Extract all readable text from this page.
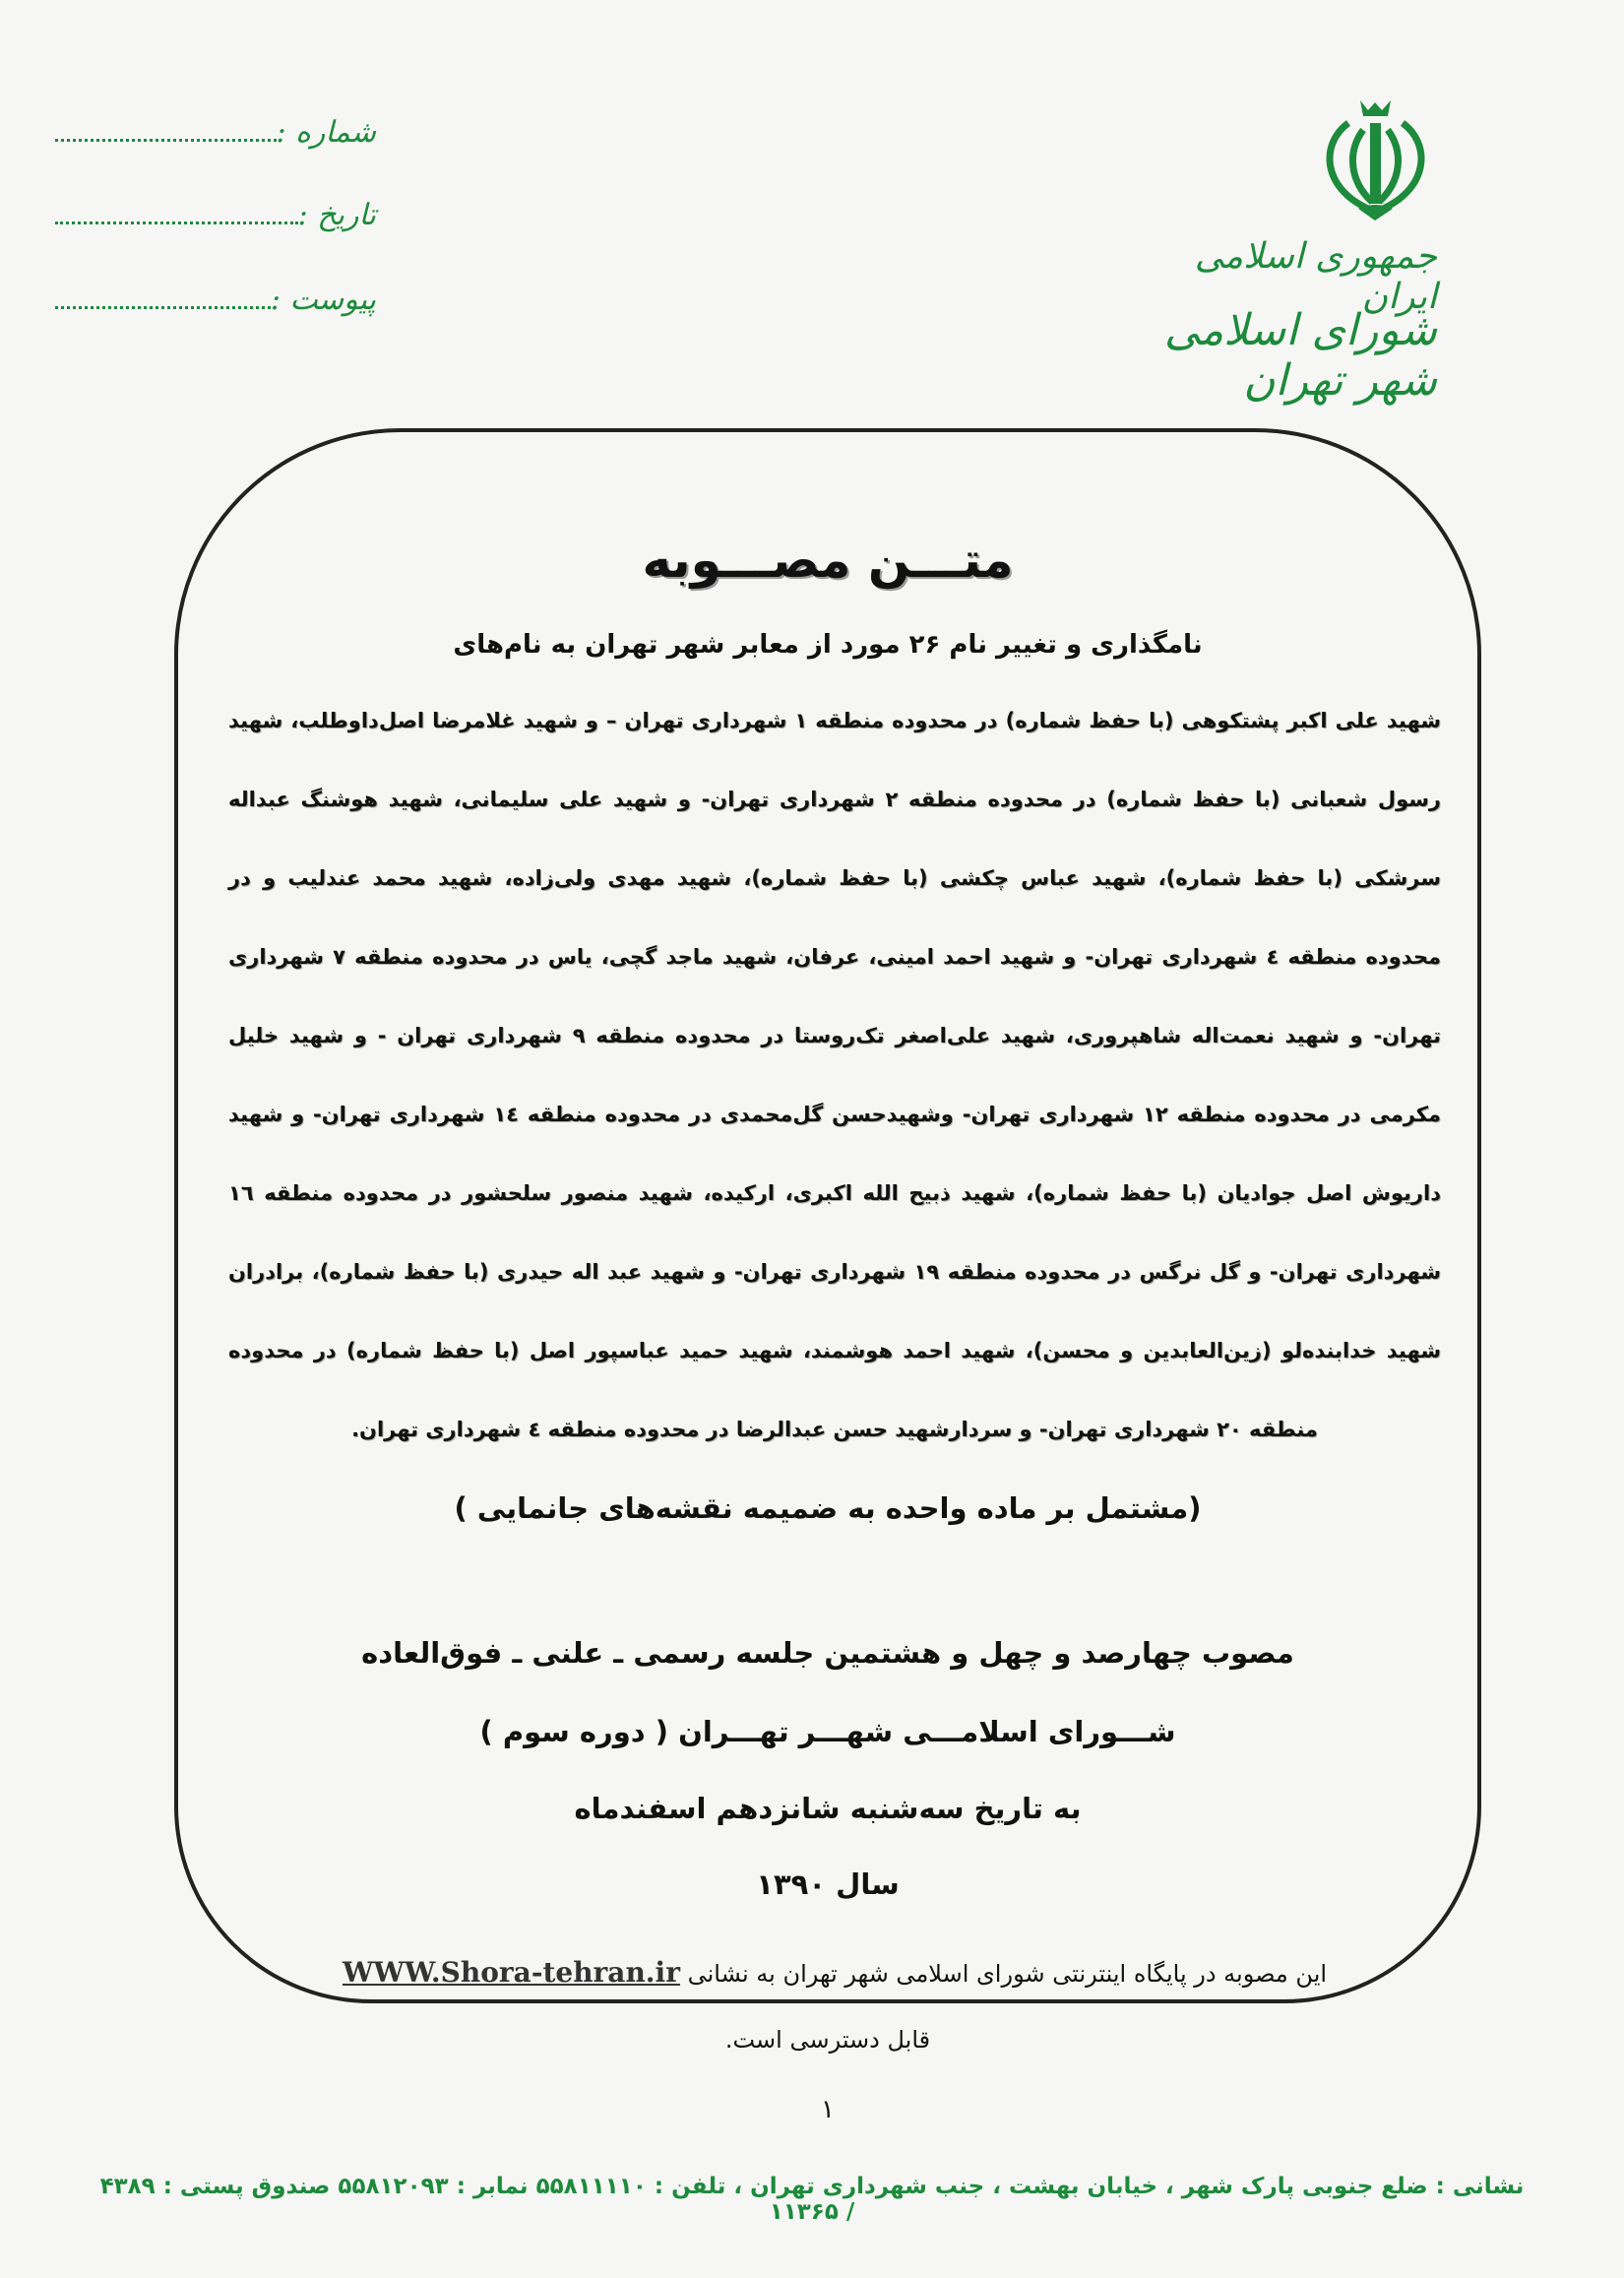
شماره :
تاریخ :
پیوست :
جمهوری اسلامی ایران
شورای اسلامی شهر تهران
متـــن مصـــوبه
نامگذاری و تغییر نام ۲۶ مورد از معابر شهر تهران به نام‌های
شهید علی اکبر پشتکوهی (با حفظ شماره) در محدوده منطقه ۱ شهرداری تهران – و شهید غلامرضا اصل‌داوطلب، شهید
رسول شعبانی (با حفظ شماره) در محدوده منطقه ۲ شهرداری تهران- و شهید علی سلیمانی، شهید هوشنگ عبداله
سرشکی (با حفظ شماره)، شهید عباس چکشی (با حفظ شماره)، شهید مهدی ولی‌زاده، شهید محمد عندلیب و در
محدوده منطقه ٤ شهرداری تهران- و شهید احمد امینی، عرفان، شهید ماجد گچی، یاس در محدوده منطقه ۷ شهرداری
تهران- و شهید نعمت‌اله شاهپروری، شهید علی‌اصغر تک‌روستا در محدوده منطقه ۹ شهرداری تهران - و شهید خلیل
مکرمی در محدوده منطقه ۱۲ شهرداری تهران- وشهیدحسن گل‌محمدی در محدوده منطقه ١٤ شهرداری تهران- و شهید
داریوش اصل جوادیان (با حفظ شماره)، شهید ذبیح الله اکبری، ارکیده، شهید منصور سلحشور در محدوده منطقه ١٦
شهرداری تهران- و گل نرگس در محدوده منطقه ۱۹ شهرداری تهران- و شهید عبد اله حیدری (با حفظ شماره)، برادران
شهید خدابنده‌لو (زین‌العابدین و محسن)، شهید احمد هوشمند، شهید حمید عباسپور اصل (با حفظ شماره) در محدوده
منطقه ۲۰ شهرداری تهران- و سردارشهید حسن عبدالرضا در محدوده منطقه ٤ شهرداری تهران.
(مشتمل بر ماده واحده به ضمیمه نقشه‌های جانمایی )
مصوب چهارصد و چهل و هشتمین جلسه رسمی ـ علنی ـ فوق‌العاده
شـــورای اسلامـــی شهـــر تهـــران ( دوره سوم )
به تاریخ سه‌شنبه شانزدهم اسفندماه
سال ۱۳۹۰
این مصوبه در پایگاه اینترنتی شورای اسلامی شهر تهران به نشانی WWW.Shora-tehran.ir
قابل دسترسی است.
۱
نشانی : ضلع جنوبی پارک شهر ، خیابان بهشت ، جنب شهرداری تهران ، تلفن : ۵۵۸۱۱۱۱۰ نمابر : ۵۵۸۱۲۰۹۳ صندوق پستی : ۴۳۸۹ / ۱۱۳۶۵
